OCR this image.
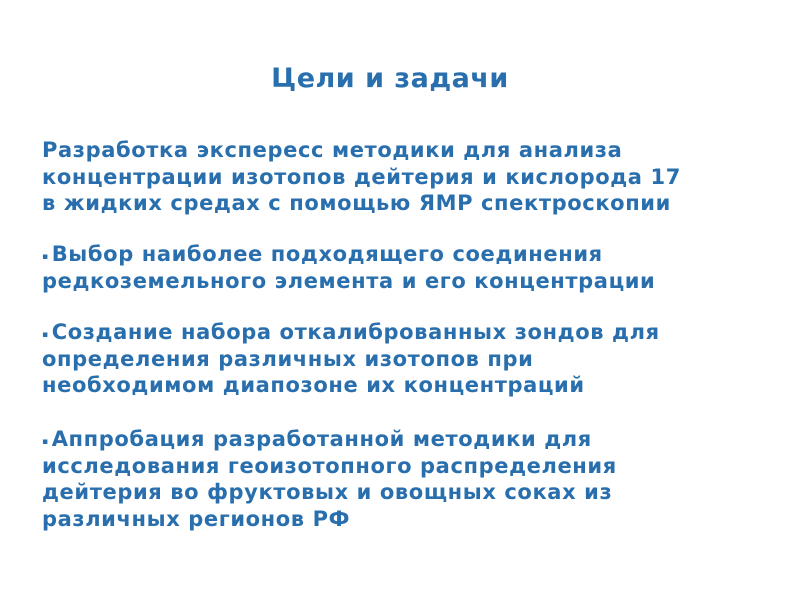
Цели и задачи
Разработка экспересс методики для анализа
концентрации изотопов дейтерия и кислорода 17
в жидких средах с помощью ЯМР спектроскопии
▪ Выбор наиболее подходящего соединения
редкоземельного элемента и его концентрации
▪ Создание набора откалиброванных зондов для
определения различных изотопов при
необходимом диапозоне их концентраций
▪ Аппробация разработанной методики для
исследования геоизотопного распределения
дейтерия во фруктовых и овощных соках из
различных регионов РФ
